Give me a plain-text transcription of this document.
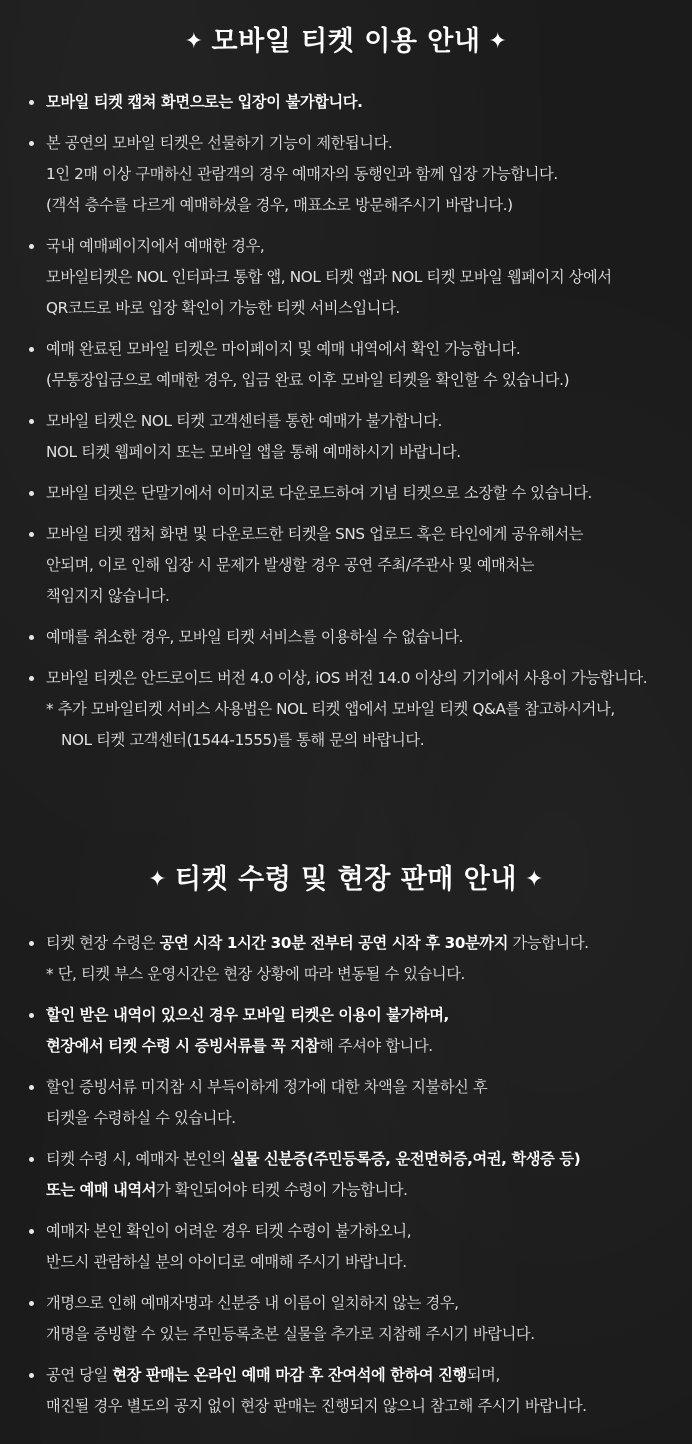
✦ 모바일 티켓 이용 안내 ✦
모바일 티켓 캡쳐 화면으로는 입장이 불가합니다.
본 공연의 모바일 티켓은 선물하기 기능이 제한됩니다.
1인 2매 이상 구매하신 관람객의 경우 예매자의 동행인과 함께 입장 가능합니다.
(객석 층수를 다르게 예매하셨을 경우, 매표소로 방문해주시기 바랍니다.)
국내 예매페이지에서 예매한 경우,
모바일티켓은 NOL 인터파크 통합 앱, NOL 티켓 앱과 NOL 티켓 모바일 웹페이지 상에서
QR코드로 바로 입장 확인이 가능한 티켓 서비스입니다.
예매 완료된 모바일 티켓은 마이페이지 및 예매 내역에서 확인 가능합니다.
(무통장입금으로 예매한 경우, 입금 완료 이후 모바일 티켓을 확인할 수 있습니다.)
모바일 티켓은 NOL 티켓 고객센터를 통한 예매가 불가합니다.
NOL 티켓 웹페이지 또는 모바일 앱을 통해 예매하시기 바랍니다.
모바일 티켓은 단말기에서 이미지로 다운로드하여 기념 티켓으로 소장할 수 있습니다.
모바일 티켓 캡처 화면 및 다운로드한 티켓을 SNS 업로드 혹은 타인에게 공유해서는
안되며, 이로 인해 입장 시 문제가 발생할 경우 공연 주최/주관사 및 예매처는
책임지지 않습니다.
예매를 취소한 경우, 모바일 티켓 서비스를 이용하실 수 없습니다.
모바일 티켓은 안드로이드 버전 4.0 이상, iOS 버전 14.0 이상의 기기에서 사용이 가능합니다.
* 추가 모바일티켓 서비스 사용법은 NOL 티켓 앱에서 모바일 티켓 Q&A를 참고하시거나,
NOL 티켓 고객센터(1544-1555)를 통해 문의 바랍니다.
✦ 티켓 수령 및 현장 판매 안내 ✦
티켓 현장 수령은 공연 시작 1시간 30분 전부터 공연 시작 후 30분까지 가능합니다.
* 단, 티켓 부스 운영시간은 현장 상황에 따라 변동될 수 있습니다.
할인 받은 내역이 있으신 경우 모바일 티켓은 이용이 불가하며,
현장에서 티켓 수령 시 증빙서류를 꼭 지참해 주셔야 합니다.
할인 증빙서류 미지참 시 부득이하게 정가에 대한 차액을 지불하신 후
티켓을 수령하실 수 있습니다.
티켓 수령 시, 예매자 본인의 실물 신분증(주민등록증, 운전면허증,여권, 학생증 등)
또는 예매 내역서가 확인되어야 티켓 수령이 가능합니다.
예매자 본인 확인이 어려운 경우 티켓 수령이 불가하오니,
반드시 관람하실 분의 아이디로 예매해 주시기 바랍니다.
개명으로 인해 예매자명과 신분증 내 이름이 일치하지 않는 경우,
개명을 증빙할 수 있는 주민등록초본 실물을 추가로 지참해 주시기 바랍니다.
공연 당일 현장 판매는 온라인 예매 마감 후 잔여석에 한하여 진행되며,
매진될 경우 별도의 공지 없이 현장 판매는 진행되지 않으니 참고해 주시기 바랍니다.
